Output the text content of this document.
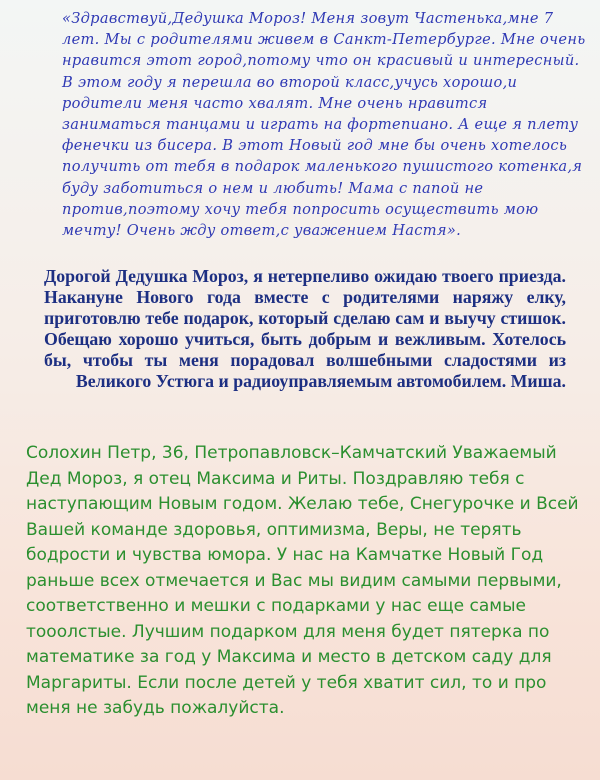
«Здравствуй,Дедушка Мороз! Меня зовут Частенька,мне 7 лет. Мы с родителями живем в Санкт-Петербурге. Мне очень нравится этот город,потому что он красивый и интересный. В этом году я перешла во второй класс,учусь хорошо,и родители меня часто хвалят. Мне очень нравится заниматься танцами и играть на фортепиано. А еще я плету фенечки из бисера. В этот Новый год мне бы очень хотелось получить от тебя в подарок маленького пушистого котенка,я буду заботиться о нем и любить! Мама с папой не против,поэтому хочу тебя попросить осуществить мою мечту! Очень жду ответ,с уважением Настя».

Дорогой Дедушка Мороз, я нетерпеливо ожидаю твоего приезда. Накануне Нового года вместе с родителями наряжу елку, приготовлю тебе подарок, который сделаю сам и выучу стишок. Обещаю хорошо учиться, быть добрым и вежливым. Хотелось бы, чтобы ты меня порадовал волшебными сладостями из Великого Устюга и радиоуправляемым автомобилем. Миша.

Солохин Петр, 36, Петропавловск–Камчатский Уважаемый Дед Мороз, я отец Максима и Риты. Поздравляю тебя с наступающим Новым годом. Желаю тебе, Снегурочке и Всей Вашей команде здоровья, оптимизма, Веры, не терять бодрости и чувства юмора. У нас на Камчатке Новый Год раньше всех отмечается и Вас мы видим самыми первыми, соответственно и мешки с подарками у нас еще самые тооолстые. Лучшим подарком для меня будет пятерка по математике за год у Максима и место в детском саду для Маргариты. Если после детей у тебя хватит сил, то и про меня не забудь пожалуйста.
